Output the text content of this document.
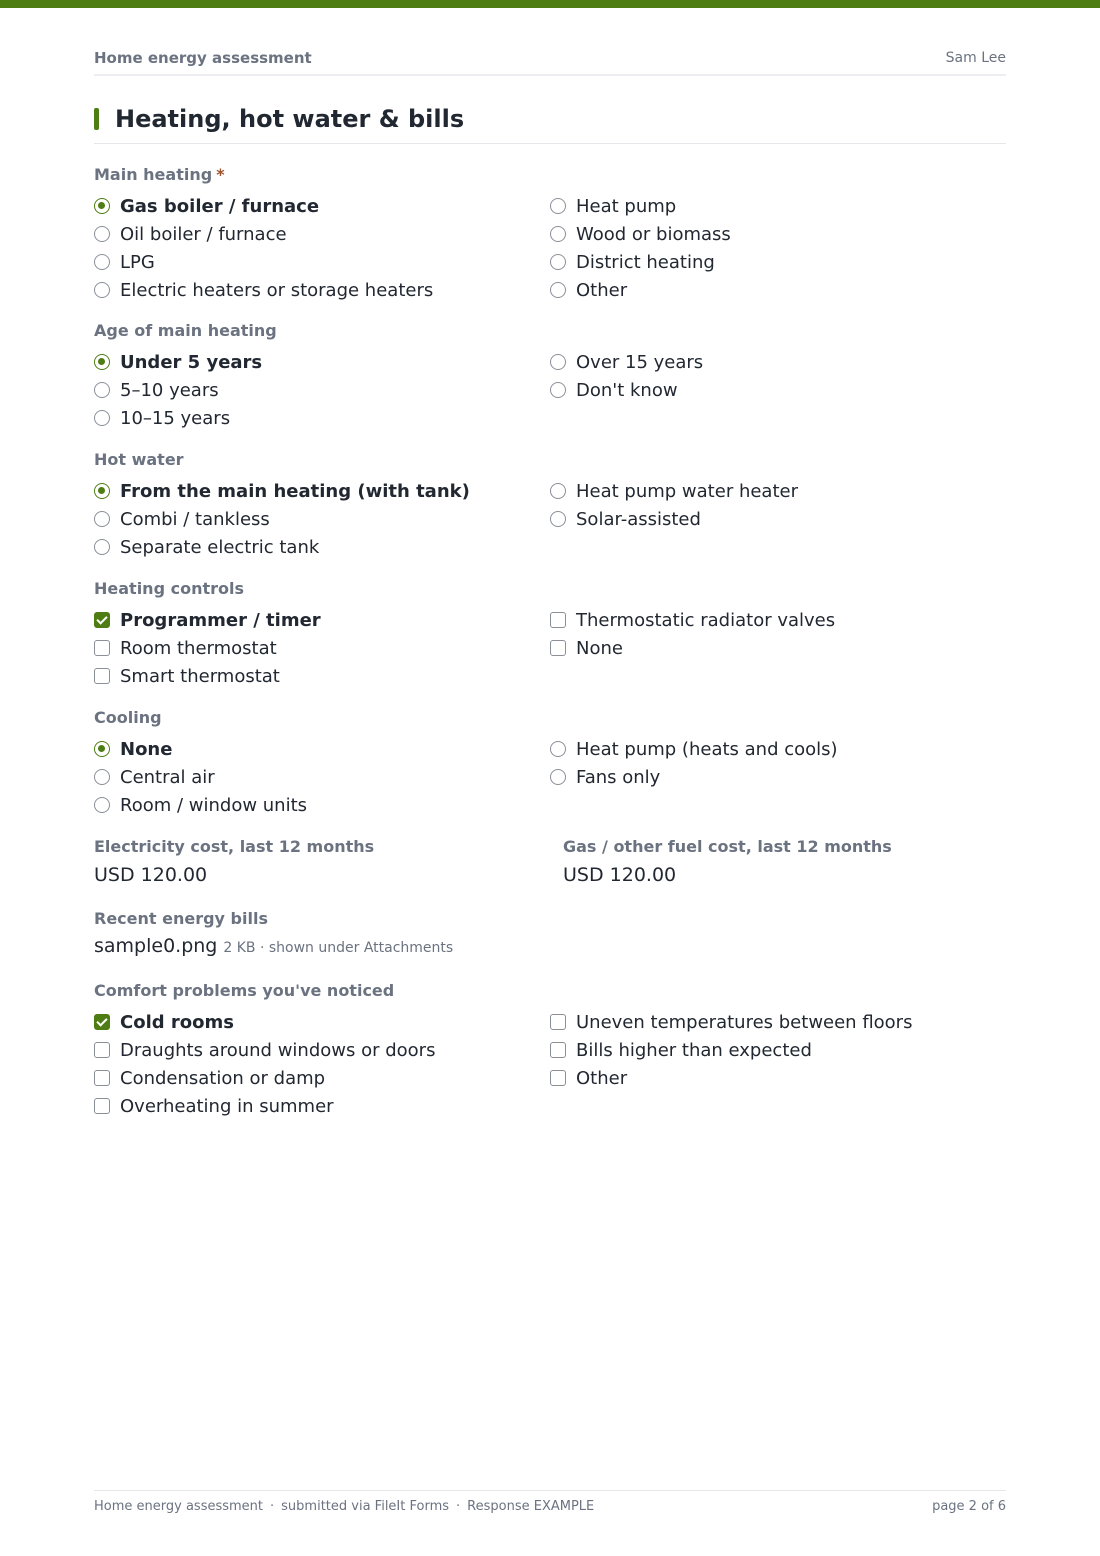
Home energy assessment	Sam Lee
Heating, hot water & bills
Main heating *
Gas boiler / furnace
Oil boiler / furnace
LPG
Electric heaters or storage heaters
Heat pump
Wood or biomass
District heating
Other
Age of main heating
Under 5 years
5–10 years
10–15 years
Over 15 years
Don't know
Hot water
From the main heating (with tank)
Combi / tankless
Separate electric tank
Heat pump water heater
Solar-assisted
Heating controls
Programmer / timer
Room thermostat
Smart thermostat
Thermostatic radiator valves
None
Cooling
None
Central air
Room / window units
Heat pump (heats and cools)
Fans only
Electricity cost, last 12 months
USD 120.00
Gas / other fuel cost, last 12 months
USD 120.00
Recent energy bills
sample0.png 2 KB · shown under Attachments
Comfort problems you've noticed
Cold rooms
Draughts around windows or doors
Condensation or damp
Overheating in summer
Uneven temperatures between floors
Bills higher than expected
Other
Home energy assessment · submitted via FileIt Forms · Response EXAMPLE	page 2 of 6
